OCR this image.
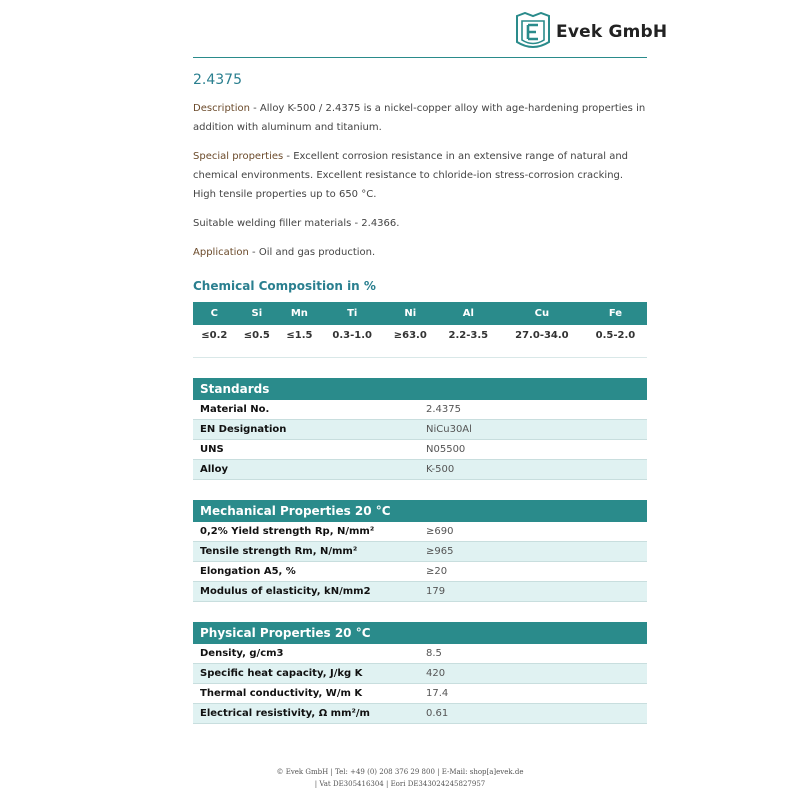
Evek GmbH
2.4375

Description - Alloy K-500 / 2.4375 is a nickel-copper alloy with age-hardening properties in addition with aluminum and titanium.

Special properties - Excellent corrosion resistance in an extensive range of natural and chemical environments. Excellent resistance to chloride-ion stress-corrosion cracking. High tensile properties up to 650 °C.

Suitable welding filler materials - 2.4366.

Application - Oil and gas production.

Chemical Composition in %
C	Si	Mn	Ti	Ni	Al	Cu	Fe
≤0.2	≤0.5	≤1.5	0.3-1.0	≥63.0	2.2-3.5	27.0-34.0	0.5-2.0
Standards	
Material No.	2.4375
EN Designation	NiCu30Al
UNS	N05500
Alloy	K-500
Mechanical Properties 20 °C	
0,2% Yield strength Rp, N/mm²	≥690
Tensile strength Rm, N/mm²	≥965
Elongation A5, %	≥20
Modulus of elasticity, kN/mm2	179
Physical Properties 20 °C	
Density, g/cm3	8.5
Specific heat capacity, J/kg K	420
Thermal conductivity, W/m K	17.4
Electrical resistivity, Ω mm²/m	0.61
© Evek GmbH | Tel: +49 (0) 208 376 29 800 | E-Mail: shop[a]evek.de
| Vat DE305416304 | Eori DE343024245827957
